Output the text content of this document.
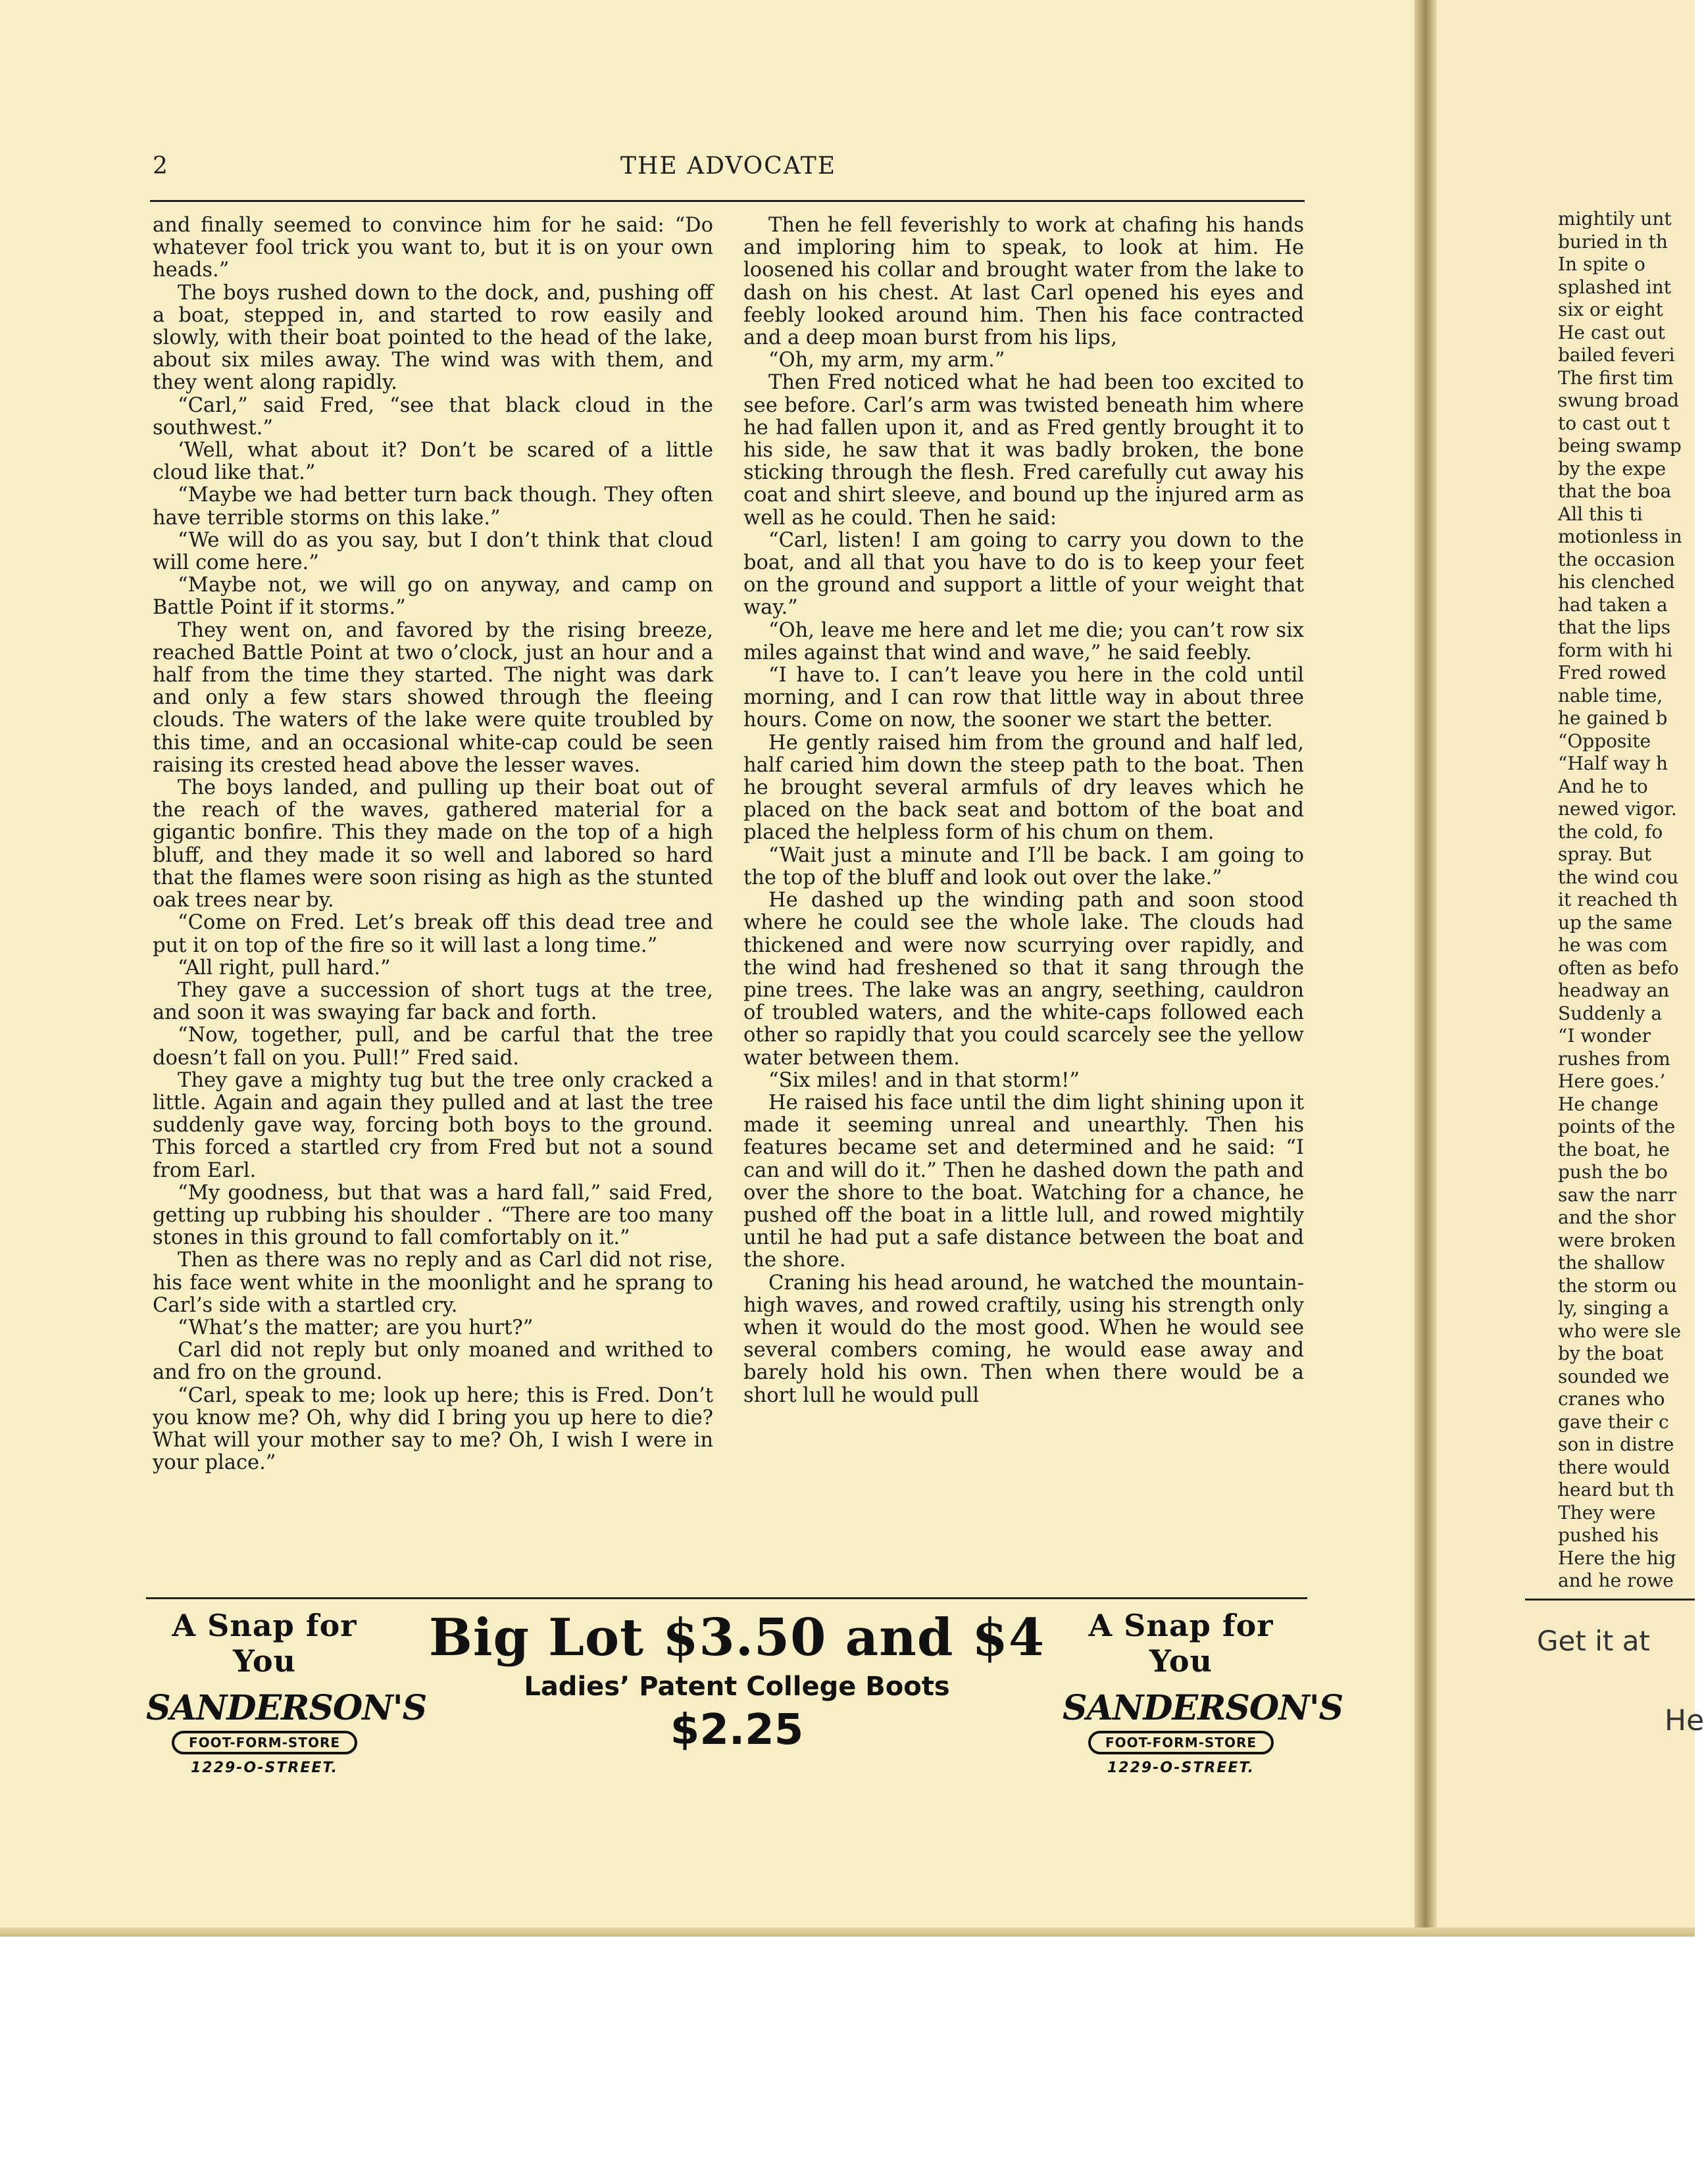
2	THE ADVOCATE

and finally seemed to convince him for he said: “Do whatever fool trick you want to, but it is on your own heads.”

The boys rushed down to the dock, and, pushing off a boat, stepped in, and started to row easily and slowly, with their boat pointed to the head of the lake, about six miles away. The wind was with them, and they went along rapidly.

“Carl,” said Fred, “see that black cloud in the southwest.”

‘Well, what about it? Don’t be scared of a little cloud like that.”

“Maybe we had better turn back though. They often have terrible storms on this lake.”

“We will do as you say, but I don’t think that cloud will come here.”

“Maybe not, we will go on anyway, and camp on Battle Point if it storms.”

They went on, and favored by the rising breeze, reached Battle Point at two o’clock, just an hour and a half from the time they started. The night was dark and only a few stars showed through the fleeing clouds. The waters of the lake were quite troubled by this time, and an occasional white-cap could be seen raising its crested head above the lesser waves.

The boys landed, and pulling up their boat out of the reach of the waves, gathered material for a gigantic bonfire. This they made on the top of a high bluff, and they made it so well and labored so hard that the flames were soon rising as high as the stunted oak trees near by.

“Come on Fred. Let’s break off this dead tree and put it on top of the fire so it will last a long time.”

“All right, pull hard.”

They gave a succession of short tugs at the tree, and soon it was swaying far back and forth.

“Now, together, pull, and be carful that the tree doesn’t fall on you. Pull!” Fred said.

They gave a mighty tug but the tree only cracked a little. Again and again they pulled and at last the tree suddenly gave way, forcing both boys to the ground. This forced a startled cry from Fred but not a sound from Earl.

“My goodness, but that was a hard fall,” said Fred, getting up rubbing his shoulder . “There are too many stones in this ground to fall comfortably on it.”

Then as there was no reply and as Carl did not rise, his face went white in the moonlight and he sprang to Carl’s side with a startled cry.

“What’s the matter; are you hurt?”

Carl did not reply but only moaned and writhed to and fro on the ground.

“Carl, speak to me; look up here; this is Fred. Don’t you know me? Oh, why did I bring you up here to die? What will your mother say to me? Oh, I wish I were in your place.”

Then he fell feverishly to work at chafing his hands and imploring him to speak, to look at him. He loosened his collar and brought water from the lake to dash on his chest. At last Carl opened his eyes and feebly looked around him. Then his face contracted and a deep moan burst from his lips,

“Oh, my arm, my arm.”

Then Fred noticed what he had been too excited to see before. Carl’s arm was twisted beneath him where he had fallen upon it, and as Fred gently brought it to his side, he saw that it was badly broken, the bone sticking through the flesh. Fred carefully cut away his coat and shirt sleeve, and bound up the injured arm as well as he could. Then he said:

“Carl, listen! I am going to carry you down to the boat, and all that you have to do is to keep your feet on the ground and support a little of your weight that way.”

“Oh, leave me here and let me die; you can’t row six miles against that wind and wave,” he said feebly.

“I have to. I can’t leave you here in the cold until morning, and I can row that little way in about three hours. Come on now, the sooner we start the better.

He gently raised him from the ground and half led, half caried him down the steep path to the boat. Then he brought several armfuls of dry leaves which he placed on the back seat and bottom of the boat and placed the helpless form of his chum on them.

“Wait just a minute and I’ll be back. I am going to the top of the bluff and look out over the lake.”

He dashed up the winding path and soon stood where he could see the whole lake. The clouds had thickened and were now scurrying over rapidly, and the wind had freshened so that it sang through the pine trees. The lake was an angry, seething, cauldron of troubled waters, and the white-caps followed each other so rapidly that you could scarcely see the yellow water between them.

“Six miles! and in that storm!”

He raised his face until the dim light shining upon it made it seeming unreal and unearthly. Then his features became set and determined and he said: “I can and will do it.” Then he dashed down the path and over the shore to the boat. Watching for a chance, he pushed off the boat in a little lull, and rowed mightily until he had put a safe distance between the boat and the shore.

Craning his head around, he watched the mountain-high waves, and rowed craftily, using his strength only when it would do the most good. When he would see several combers coming, he would ease away and barely hold his own. Then when there would be a short lull he would pull

mightily unt

buried in th

In spite o

splashed int

six or eight

He cast out

bailed feveri

The first tim

swung broad

to cast out t

being swamp

by the expe

that the boa

All this ti

motionless in

the occasion

his clenched

had taken a

that the lips

form with hi

Fred rowed

nable time,

he gained b

“Opposite

“Half way h

And he to

newed vigor.

the cold, fo

spray. But

the wind cou

it reached th

up the same

he was com

often as befo

headway an

Suddenly a

“I wonder

rushes from

Here goes.’

He change

points of the

the boat, he

push the bo

saw the narr

and the shor

were broken

the shallow

the storm ou

ly, singing a

who were sle

by the boat

sounded we

cranes who

gave their c

son in distre

there would

heard but th

They were

pushed his

Here the hig

and he rowe

A Snap for You
SANDERSON'S
FOOT-FORM-STORE
1229-O-STREET.
Big Lot $3.50 and $4
Ladies’ Patent College Boots
$2.25
A Snap for You
SANDERSON'S
FOOT-FORM-STORE
1229-O-STREET.
Get it at
He
